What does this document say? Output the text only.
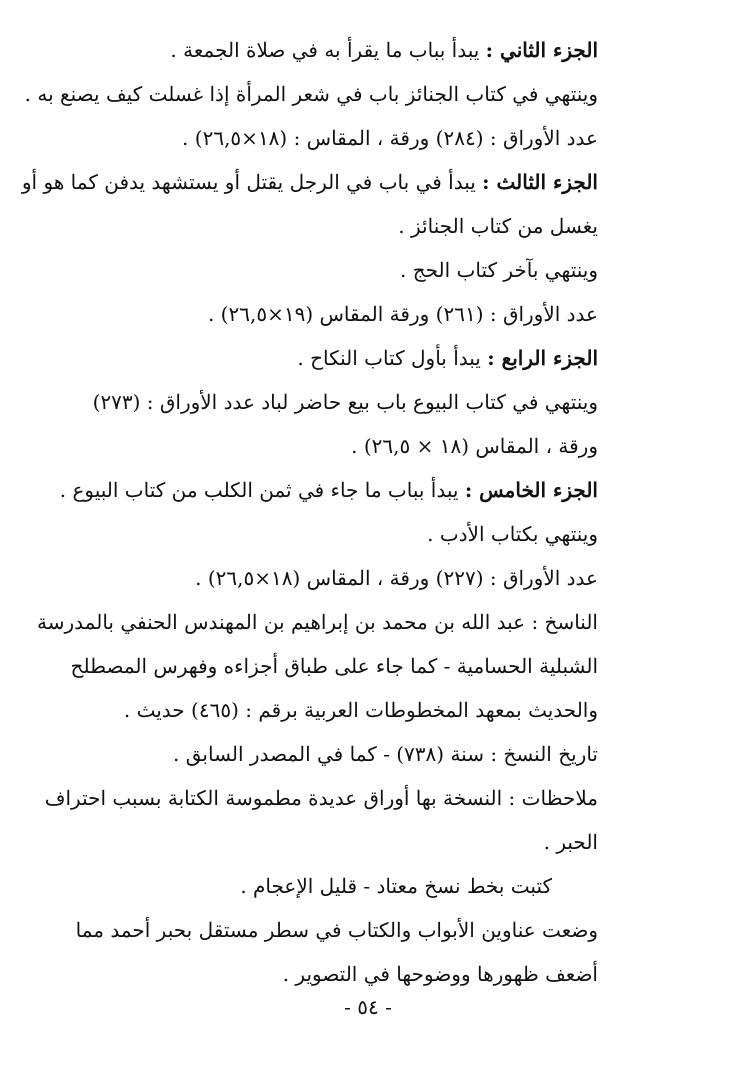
الجزء الثاني : يبدأ بباب ما يقرأ به في صلاة الجمعة .
وينتهي في كتاب الجنائز باب في شعر المرأة إذا غسلت كيف يصنع به .
عدد الأوراق : (٢٨٤) ورقة ، المقاس : (١٨×٢٦,٥) .
الجزء الثالث : يبدأ في باب في الرجل يقتل أو يستشهد يدفن كما هو أو
يغسل من كتاب الجنائز .
وينتهي بآخر كتاب الحج .
عدد الأوراق : (٢٦١) ورقة المقاس (١٩×٢٦,٥) .
الجزء الرابع : يبدأ بأول كتاب النكاح .
وينتهي في كتاب البيوع باب بيع حاضر لباد عدد الأوراق : (٢٧٣)
ورقة ، المقاس (١٨ × ٢٦,٥) .
الجزء الخامس : يبدأ بباب ما جاء في ثمن الكلب من كتاب البيوع .
وينتهي بكتاب الأدب .
عدد الأوراق : (٢٢٧) ورقة ، المقاس (١٨×٢٦,٥) .
الناسخ : عبد الله بن محمد بن إبراهيم بن المهندس الحنفي بالمدرسة
الشبلية الحسامية - كما جاء على طباق أجزاءه وفهرس المصطلح
والحديث بمعهد المخطوطات العربية برقم : (٤٦٥) حديث .
تاريخ النسخ : سنة (٧٣٨) - كما في المصدر السابق .
ملاحظات : النسخة بها أوراق عديدة مطموسة الكتابة بسبب احتراف
الحبر .
كتبت بخط نسخ معتاد - قليل الإعجام .
وضعت عناوين الأبواب والكتاب في سطر مستقل بحبر أحمد مما
أضعف ظهورها ووضوحها في التصوير .
- ٥٤ -
